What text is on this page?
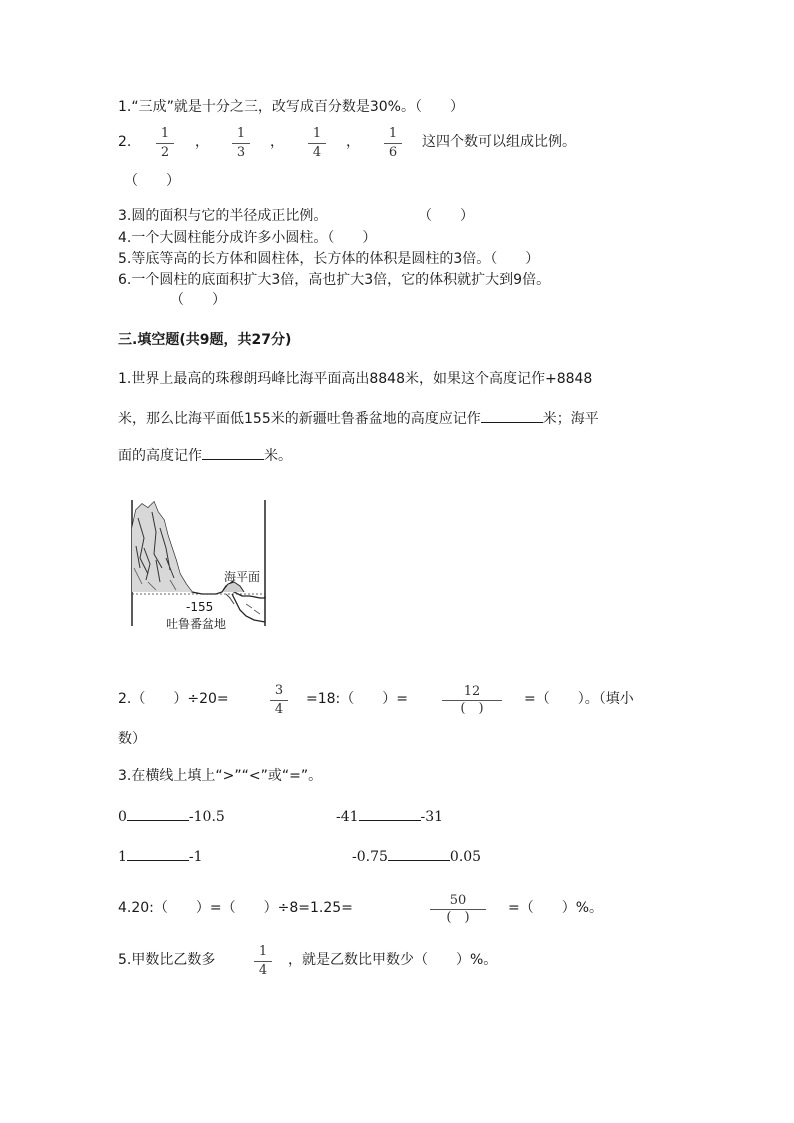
1.“三成”就是十分之三，改写成百分数是30%。（　　）
2.
1
2
，
1
3
，
1
4
，
1
6
这四个数可以组成比例。
（　　）
3.圆的面积与它的半径成正比例。	（　　）
4.一个大圆柱能分成许多小圆柱。（　　）
5.等底等高的长方体和圆柱体，长方体的体积是圆柱的3倍。（　　）
6.一个圆柱的底面积扩大3倍，高也扩大3倍，它的体积就扩大到9倍。
（　　）
三.填空题(共9题，共27分)
1.世界上最高的珠穆朗玛峰比海平面高出8848米，如果这个高度记作+8848
米，那么比海平面低155米的新疆吐鲁番盆地的高度应记作	米；海平
面的高度记作	米。
海平面
-155
吐鲁番盆地
2.（　　）÷20=
3
4
=18:（　　）=	12
(　)
=（　　）。（填小
数）
3.在横线上填上“>”“<”或“=”。
0	-10.5	-41	-31
1	-1	-0.75	0.05
4.20:（　　）=（　　）÷8=1.25=	50
(　)
=（　　）%。
5.甲数比乙数多
1
4
，就是乙数比甲数少（　　）%。
